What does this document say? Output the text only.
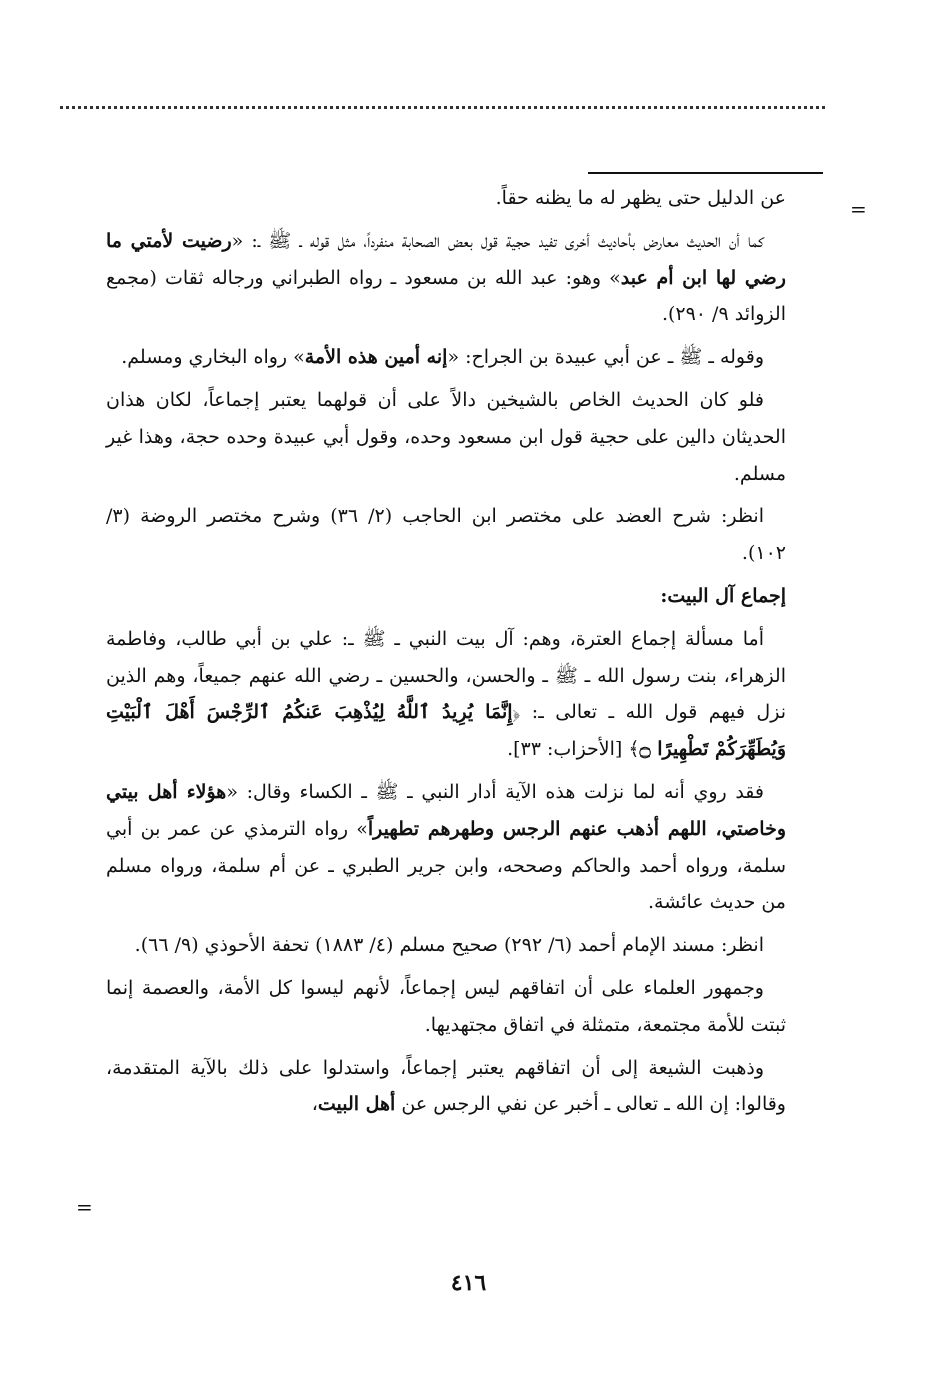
=

عن الدليل حتى يظهر له ما يظنه حقاً.

كما أن الحديث معارض بأحاديث أخرى تفيد حجية قول بعض الصحابة منفرداً، مثل قوله ـ ﷺ ـ: «رضيت لأمتي ما رضي لها ابن أم عبد» وهو: عبد الله بن مسعود ـ رواه الطبراني ورجاله ثقات (مجمع الزوائد ٩/ ٢٩٠).

وقوله ـ ﷺ ـ عن أبي عبيدة بن الجراح: «إنه أمين هذه الأمة» رواه البخاري ومسلم.

فلو كان الحديث الخاص بالشيخين دالاً على أن قولهما يعتبر إجماعاً، لكان هذان الحديثان دالين على حجية قول ابن مسعود وحده، وقول أبي عبيدة وحده حجة، وهذا غير مسلم.

انظر: شرح العضد على مختصر ابن الحاجب (٢/ ٣٦) وشرح مختصر الروضة (٣/ ١٠٢).

إجماع آل البيت:

أما مسألة إجماع العترة، وهم: آل بيت النبي ـ ﷺ ـ: علي بن أبي طالب، وفاطمة الزهراء، بنت رسول الله ـ ﷺ ـ والحسن، والحسين ـ رضي الله عنهم جميعاً، وهم الذين نزل فيهم قول الله ـ تعالى ـ: ﴿إِنَّمَا يُرِيدُ ٱللَّهُ لِيُذْهِبَ عَنكُمُ ٱلرِّجْسَ أَهْلَ ٱلْبَيْتِ وَيُطَهِّرَكُمْ تَطْهِيرًا ۝﴾ [الأحزاب: ٣٣].

فقد روي أنه لما نزلت هذه الآية أدار النبي ـ ﷺ ـ الكساء وقال: «هؤلاء أهل بيتي وخاصتي، اللهم أذهب عنهم الرجس وطهرهم تطهيراً» رواه الترمذي عن عمر بن أبي سلمة، ورواه أحمد والحاكم وصححه، وابن جرير الطبري ـ عن أم سلمة، ورواه مسلم من حديث عائشة.

انظر: مسند الإمام أحمد (٦/ ٢٩٢) صحيح مسلم (٤/ ١٨٨٣) تحفة الأحوذي (٩/ ٦٦).

وجمهور العلماء على أن اتفاقهم ليس إجماعاً، لأنهم ليسوا كل الأمة، والعصمة إنما ثبتت للأمة مجتمعة، متمثلة في اتفاق مجتهديها.

وذهبت الشيعة إلى أن اتفاقهم يعتبر إجماعاً، واستدلوا على ذلك بالآية المتقدمة، وقالوا: إن الله ـ تعالى ـ أخبر عن نفي الرجس عن أهل البيت،

=
٤١٦
